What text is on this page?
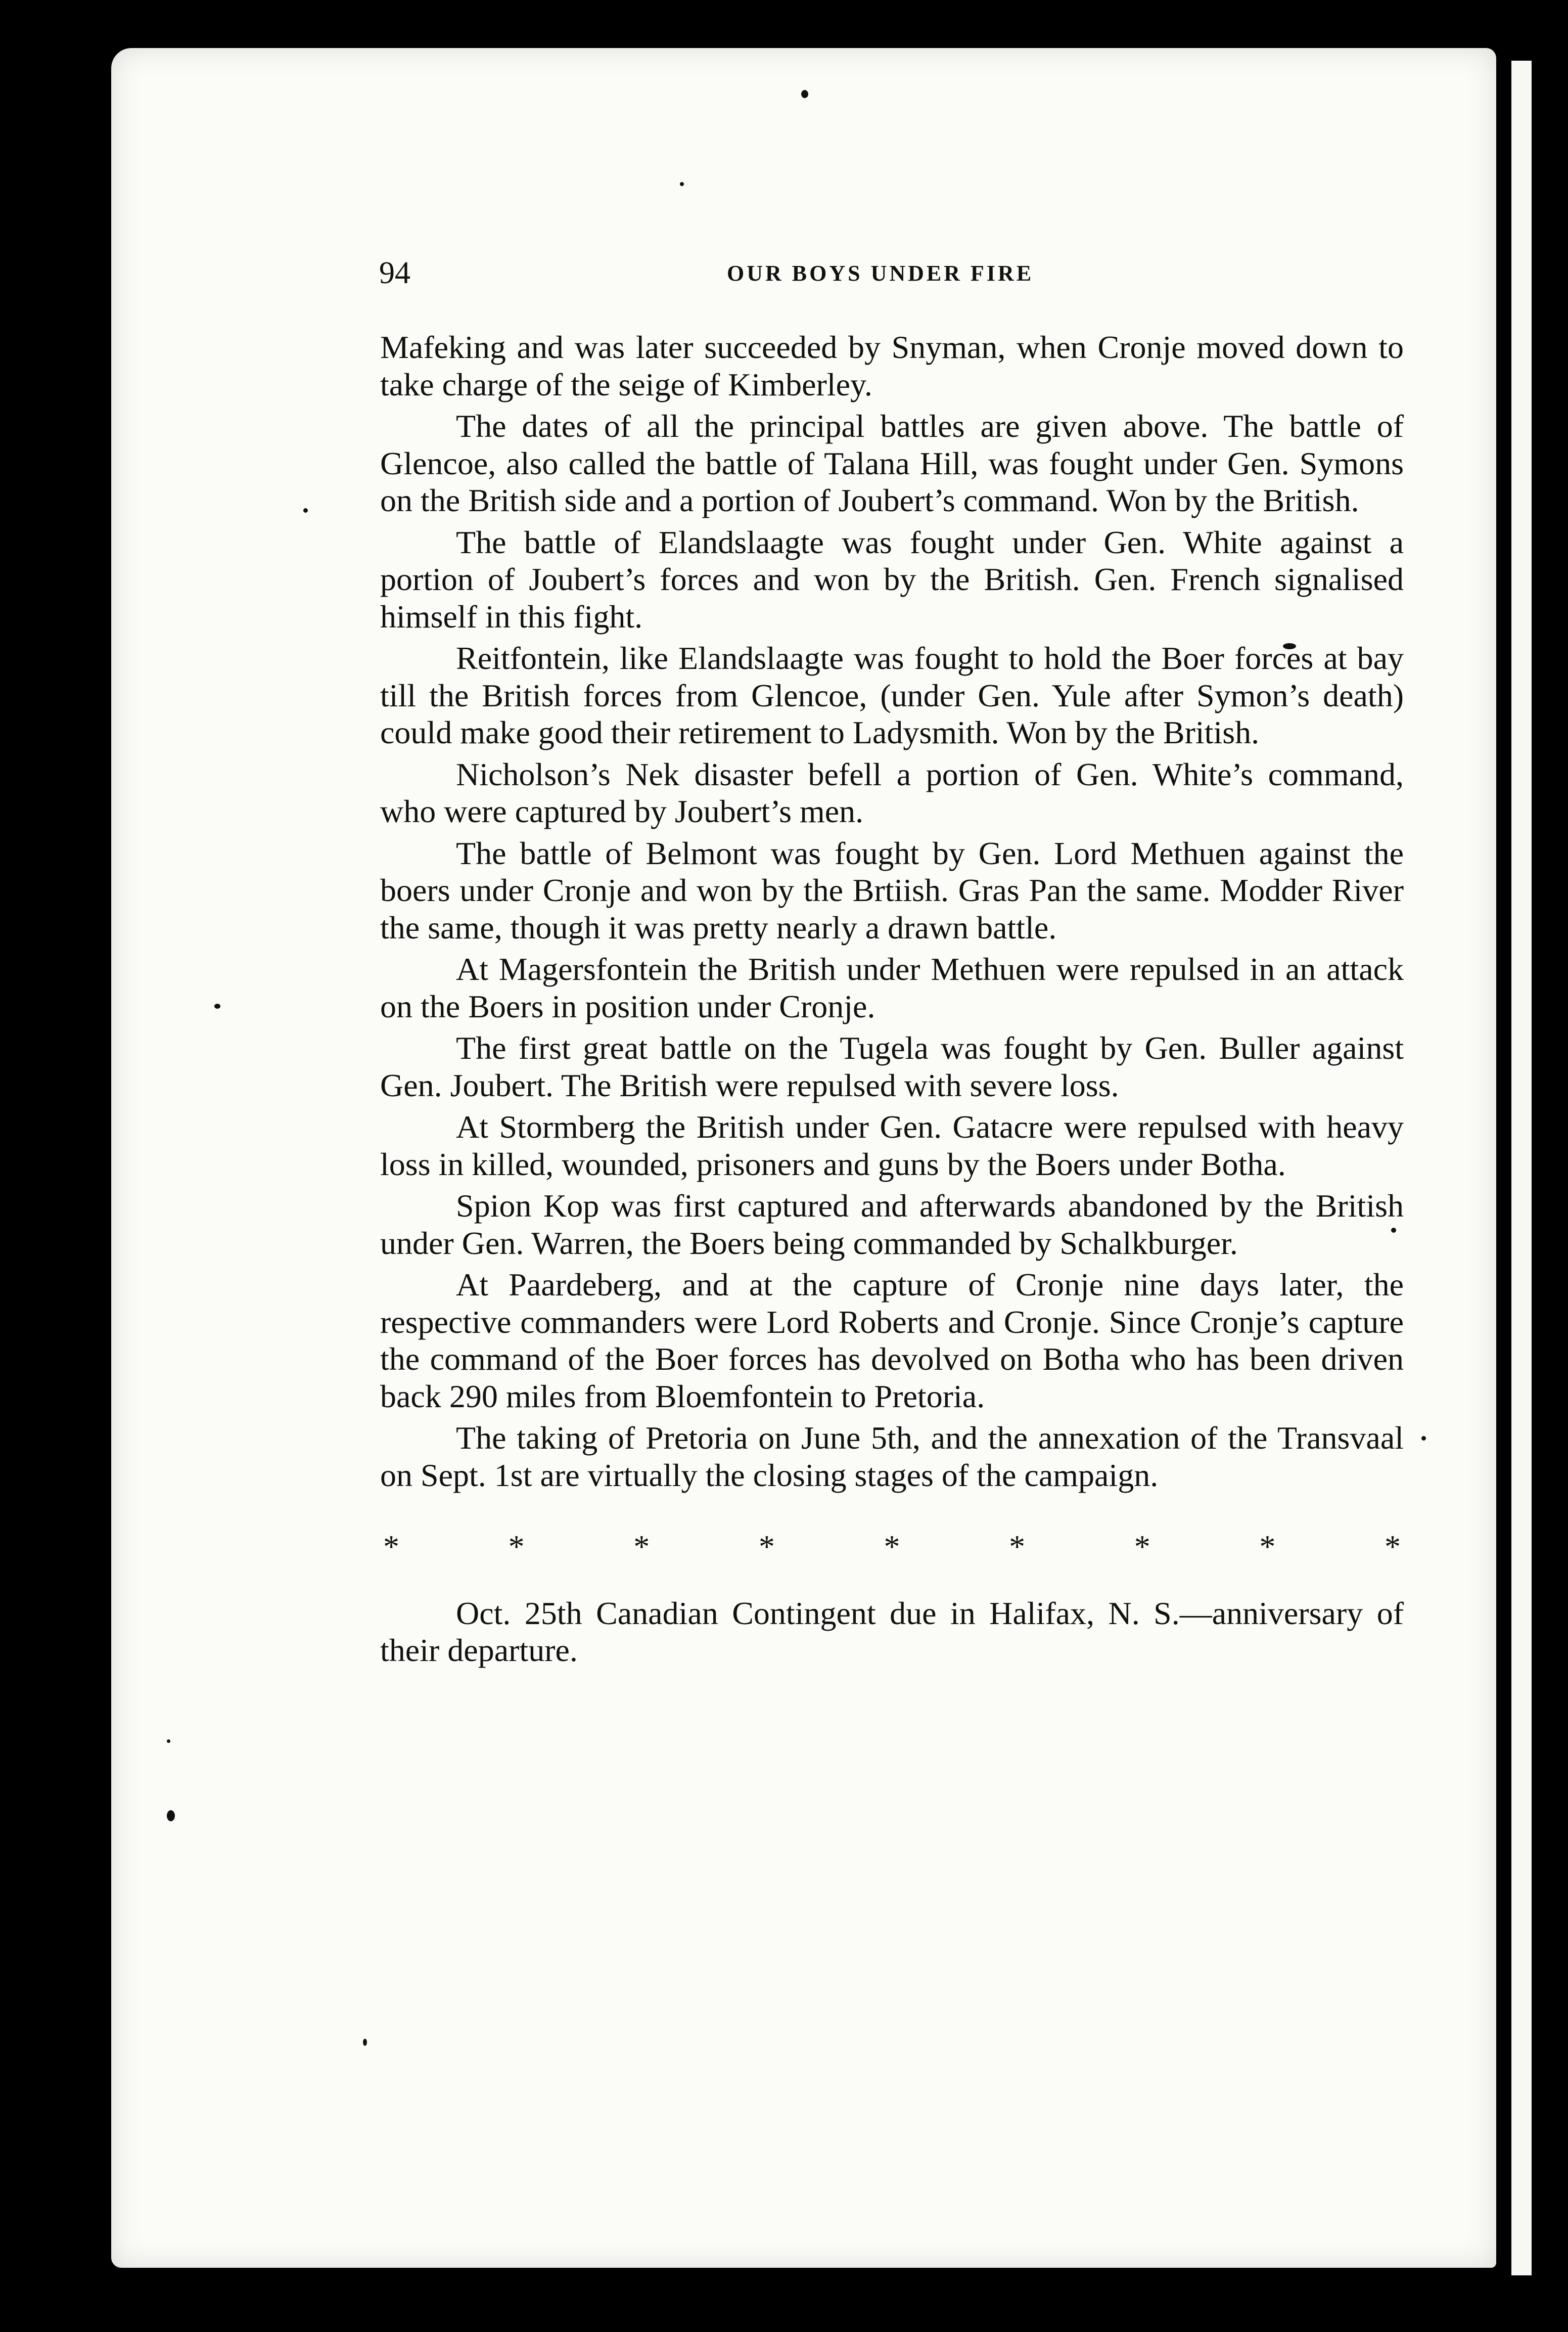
94	OUR BOYS UNDER FIRE

Mafeking and was later succeeded by Snyman, when Cronje moved down to take charge of the seige of Kimberley.

The dates of all the principal battles are given above. The battle of Glencoe, also called the battle of Talana Hill, was fought under Gen. Symons on the British side and a portion of Joubert’s command. Won by the British.

The battle of Elandslaagte was fought under Gen. White against a portion of Joubert’s forces and won by the British. Gen. French signalised himself in this fight.

Reitfontein, like Elandslaagte was fought to hold the Boer forces at bay till the British forces from Glencoe, (under Gen. Yule after Symon’s death) could make good their retirement to Ladysmith. Won by the British.

Nicholson’s Nek disaster befell a portion of Gen. White’s command, who were captured by Joubert’s men.

The battle of Belmont was fought by Gen. Lord Methuen against the boers under Cronje and won by the Brtiish. Gras Pan the same. Modder River the same, though it was pretty nearly a drawn battle.

At Magersfontein the British under Methuen were repulsed in an attack on the Boers in position under Cronje.

The first great battle on the Tugela was fought by Gen. Buller against Gen. Joubert. The British were repulsed with severe loss.

At Stormberg the British under Gen. Gatacre were repulsed with heavy loss in killed, wounded, prisoners and guns by the Boers under Botha.

Spion Kop was first captured and afterwards abandoned by the British under Gen. Warren, the Boers being commanded by Schalkburger.

At Paardeberg, and at the capture of Cronje nine days later, the respective commanders were Lord Roberts and Cronje. Since Cronje’s capture the command of the Boer forces has devolved on Botha who has been driven back 290 miles from Bloemfontein to Pretoria.

The taking of Pretoria on June 5th, and the annexation of the Transvaal on Sept. 1st are virtually the closing stages of the campaign.

*	*	*	*	*	*	*	*	*

Oct. 25th Canadian Contingent due in Halifax, N. S.—anniversary of their departure.
